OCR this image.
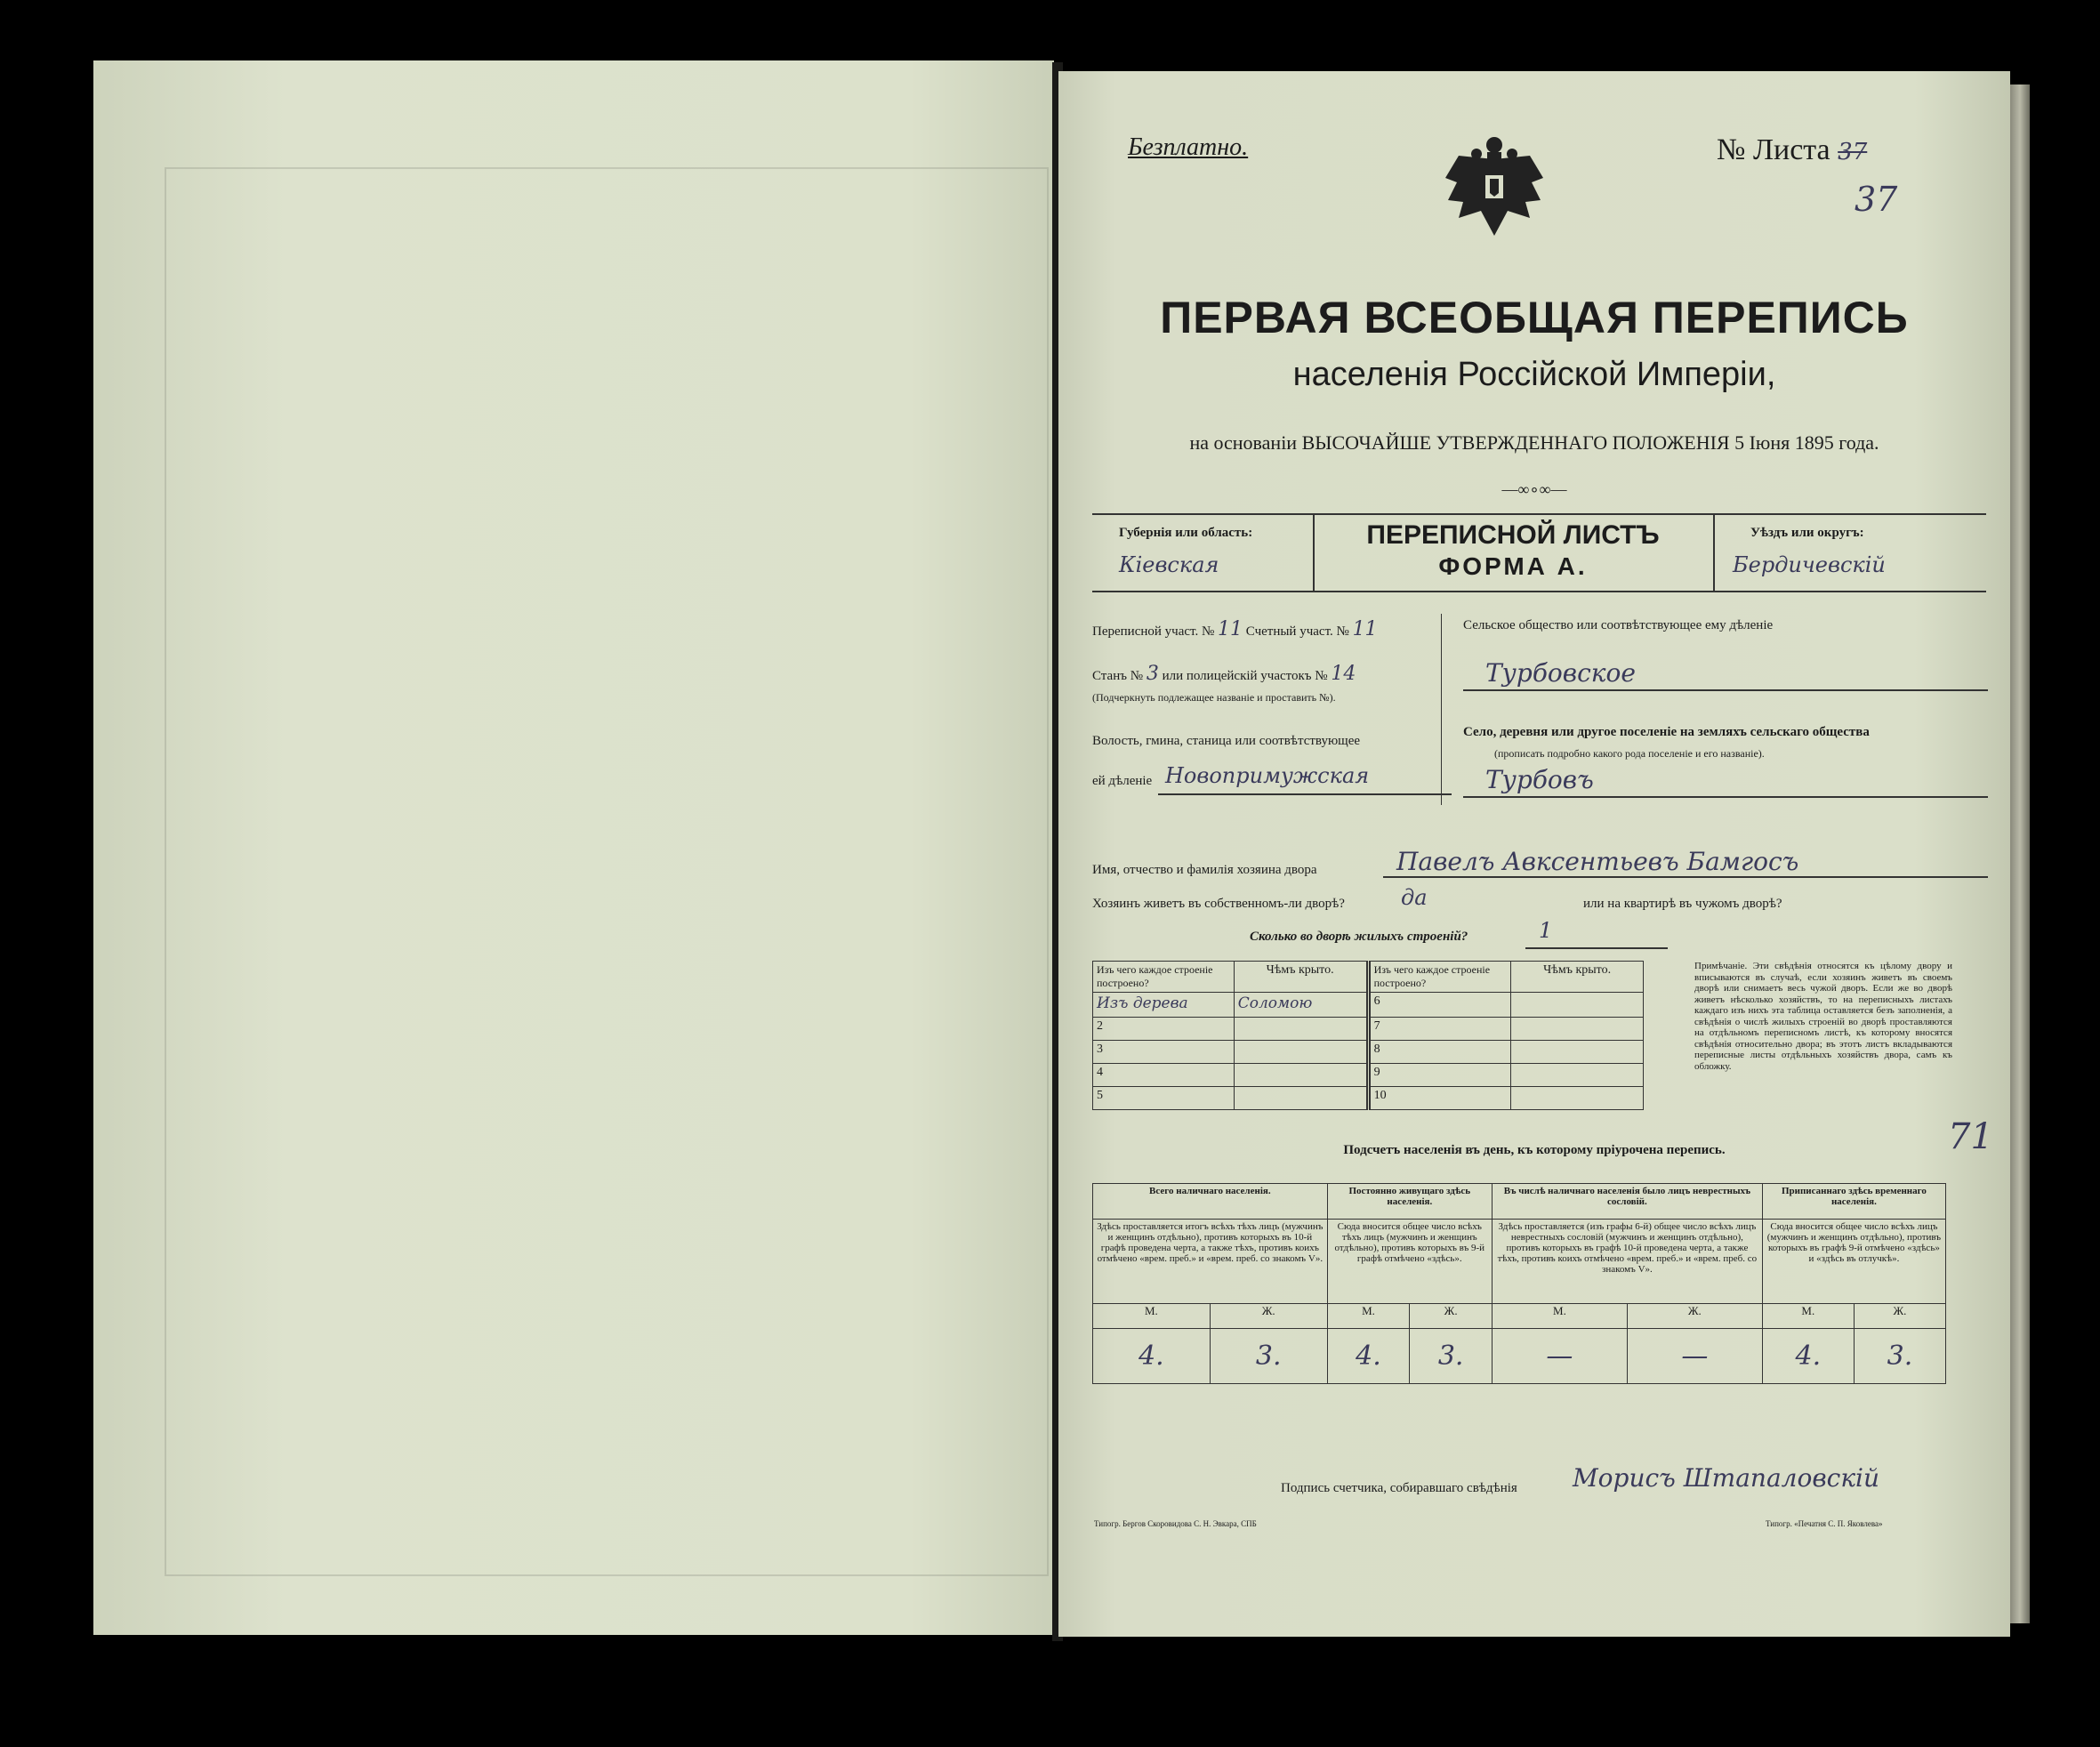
Безплатно.	№ Листа 37
37
ПЕРВАЯ ВСЕОБЩАЯ ПЕРЕПИСЬ
населенія Россійской Имперіи,
на основаніи ВЫСОЧАЙШЕ УТВЕРЖДЕННАГО ПОЛОЖЕНІЯ 5 Іюня 1895 года.
—∞∘∞—
Губернія или область:
Кіевская
ПЕРЕПИСНОЙ ЛИСТЪ
ФОРМА А.
Уѣздъ или округъ:
Бердичевскій
Переписной участ. № 11 Счетный участ. № 11
Станъ № 3 или полицейскій участокъ № 14
(Подчеркнуть подлежащее названіе и проставить №).
Волость, гмина, станица или соотвѣтствующее
ей дѣленіе Новопримужская
Сельское общество или соотвѣтствующее ему дѣленіе
Турбовское
Село, деревня или другое поселеніе на земляхъ сельскаго общества
(прописать подробно какого рода поселеніе и его названіе).
Турбовъ
Имя, отчество и фамилія хозяина двора	Павелъ Авксентьевъ Бамгосъ
Хозяинъ живетъ въ собственномъ-ли дворѣ?	да	или на квартирѣ въ чужомъ дворѣ?
Сколько во дворѣ жилыхъ строеній?	1
Изъ чего каждое строеніе построено?	Чѣмъ крыто.	Изъ чего каждое строеніе построено?	Чѣмъ крыто.
Изъ дерева	Соломою	6	
2		7	
3		8	
4		9	
5		10	
Примѣчаніе. Эти свѣдѣнія относятся къ цѣлому двору и вписываются въ случаѣ, если хозяинъ живетъ въ своемъ дворѣ или снимаетъ весь чужой дворъ. Если же во дворѣ живетъ нѣсколько хозяйствъ, то на переписныхъ листахъ каждаго изъ нихъ эта таблица оставляется безъ заполненія, а свѣдѣнія о числѣ жилыхъ строеній во дворѣ проставляются на отдѣльномъ переписномъ листѣ, къ которому вносятся свѣдѣнія относительно двора; въ этотъ листъ вкладываются переписные листы отдѣльныхъ хозяйствъ двора, самъ къ обложку.
71
Подсчетъ населенія въ день, къ которому пріурочена перепись.
Всего наличнаго населенія.		Постоянно живущаго здѣсь населенія.		Въ числѣ наличнаго населенія было лицъ неврестныхъ сословій.		Приписаннаго здѣсь временнаго населенія.	
Здѣсь проставляется итогъ всѣхъ тѣхъ лицъ (мужчинъ и женщинъ отдѣльно), противъ которыхъ въ 10-й графѣ проведена черта, а также тѣхъ, противъ коихъ отмѣчено «врем. преб.» и «врем. преб. со знакомъ V».		Сюда вносится общее число всѣхъ тѣхъ лицъ (мужчинъ и женщинъ отдѣльно), противъ которыхъ въ 9-й графѣ отмѣчено «здѣсь».		Здѣсь проставляется (изъ графы 6-й) общее число всѣхъ лицъ неврестныхъ сословій (мужчинъ и женщинъ отдѣльно), противъ которыхъ въ графѣ 10-й проведена черта, а также тѣхъ, противъ коихъ отмѣчено «врем. преб.» и «врем. преб. со знакомъ V».		Сюда вносится общее число всѣхъ лицъ (мужчинъ и женщинъ отдѣльно), противъ которыхъ въ графѣ 9-й отмѣчено «здѣсь» и «здѣсь въ отлучкѣ».	
М.	Ж.	М.	Ж.	М.	Ж.	М.	Ж.
4.	3.	4.	3.	—	—	4.	3.
Подпись счетчика, собиравшаго свѣдѣнія Морисъ Штапаловскій
Типогр. Бергов Скоровидова С. Н. Эвкара, СПБ	Типогр. «Печатня С. П. Яковлева»
